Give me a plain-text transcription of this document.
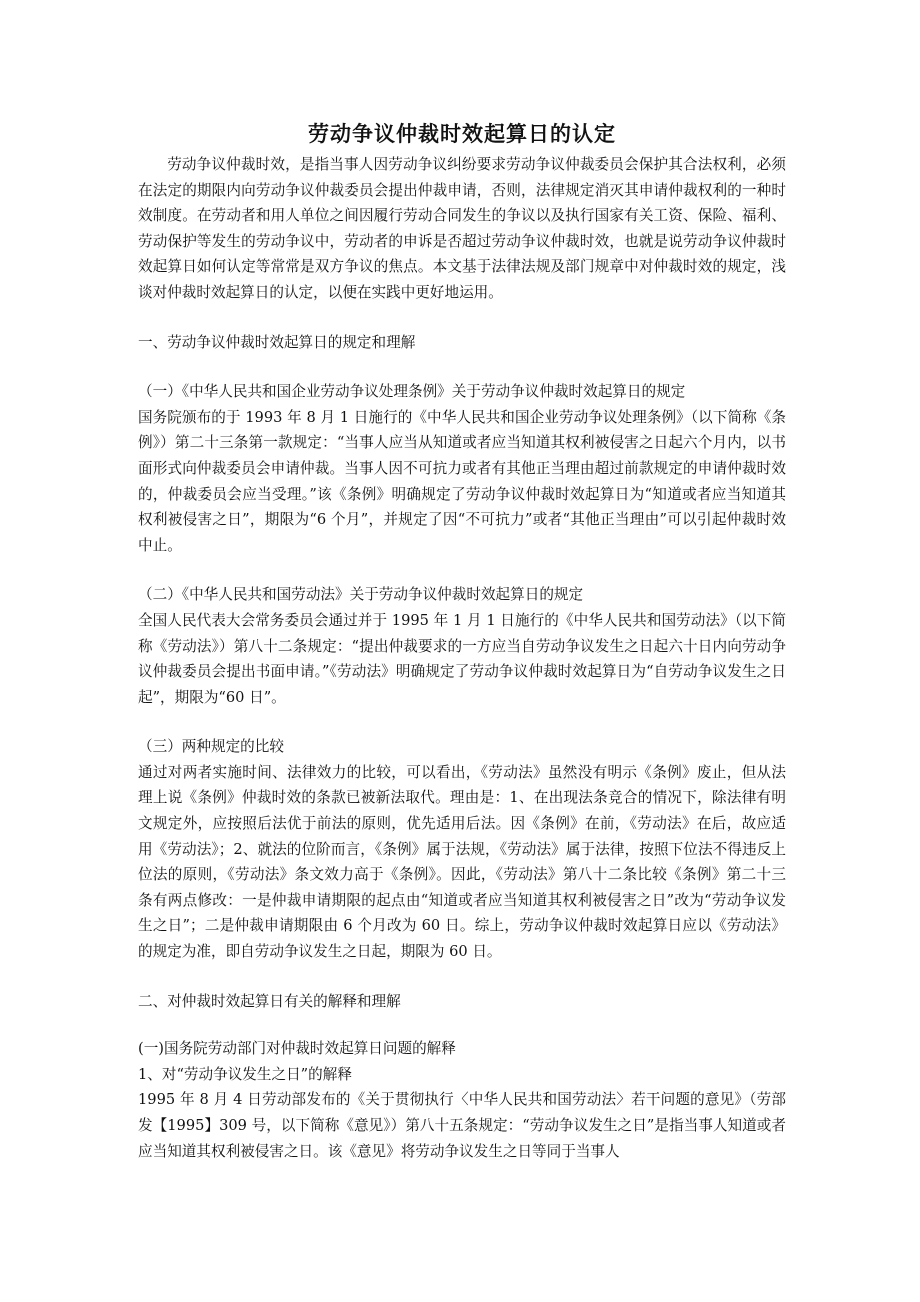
劳动争议仲裁时效起算日的认定

劳动争议仲裁时效，是指当事人因劳动争议纠纷要求劳动争议仲裁委员会保护其合法权利，必须在法定的期限内向劳动争议仲裁委员会提出仲裁申请，否则，法律规定消灭其申请仲裁权利的一种时效制度。在劳动者和用人单位之间因履行劳动合同发生的争议以及执行国家有关工资、保险、福利、劳动保护等发生的劳动争议中，劳动者的申诉是否超过劳动争议仲裁时效，也就是说劳动争议仲裁时效起算日如何认定等常常是双方争议的焦点。本文基于法律法规及部门规章中对仲裁时效的规定，浅谈对仲裁时效起算日的认定，以便在实践中更好地运用。

一、劳动争议仲裁时效起算日的规定和理解

（一）《中华人民共和国企业劳动争议处理条例》关于劳动争议仲裁时效起算日的规定

国务院颁布的于 1993 年 8 月 1 日施行的《中华人民共和国企业劳动争议处理条例》（以下简称《条例》）第二十三条第一款规定：“当事人应当从知道或者应当知道其权利被侵害之日起六个月内，以书面形式向仲裁委员会申请仲裁。当事人因不可抗力或者有其他正当理由超过前款规定的申请仲裁时效的，仲裁委员会应当受理。”该《条例》明确规定了劳动争议仲裁时效起算日为“知道或者应当知道其权利被侵害之日”，期限为“6 个月”，并规定了因“不可抗力”或者“其他正当理由”可以引起仲裁时效中止。

（二）《中华人民共和国劳动法》关于劳动争议仲裁时效起算日的规定

全国人民代表大会常务委员会通过并于 1995 年 1 月 1 日施行的《中华人民共和国劳动法》（以下简称《劳动法》）第八十二条规定：“提出仲裁要求的一方应当自劳动争议发生之日起六十日内向劳动争议仲裁委员会提出书面申请。”《劳动法》明确规定了劳动争议仲裁时效起算日为“自劳动争议发生之日起”，期限为“60 日”。

（三）两种规定的比较

通过对两者实施时间、法律效力的比较，可以看出，《劳动法》虽然没有明示《条例》废止，但从法理上说《条例》仲裁时效的条款已被新法取代。理由是：1、在出现法条竞合的情况下，除法律有明文规定外，应按照后法优于前法的原则，优先适用后法。因《条例》在前，《劳动法》在后，故应适用《劳动法》；2、就法的位阶而言，《条例》属于法规，《劳动法》属于法律，按照下位法不得违反上位法的原则，《劳动法》条文效力高于《条例》。因此，《劳动法》第八十二条比较《条例》第二十三条有两点修改：一是仲裁申请期限的起点由“知道或者应当知道其权利被侵害之日”改为“劳动争议发生之日”；二是仲裁申请期限由 6 个月改为 60 日。综上，劳动争议仲裁时效起算日应以《劳动法》的规定为准，即自劳动争议发生之日起，期限为 60 日。

二、对仲裁时效起算日有关的解释和理解

(一)国务院劳动部门对仲裁时效起算日问题的解释

1、对“劳动争议发生之日”的解释

1995 年 8 月 4 日劳动部发布的《关于贯彻执行〈中华人民共和国劳动法〉若干问题的意见》（劳部发【1995】309 号，以下简称《意见》）第八十五条规定：“劳动争议发生之日”是指当事人知道或者应当知道其权利被侵害之日。该《意见》将劳动争议发生之日等同于当事人
